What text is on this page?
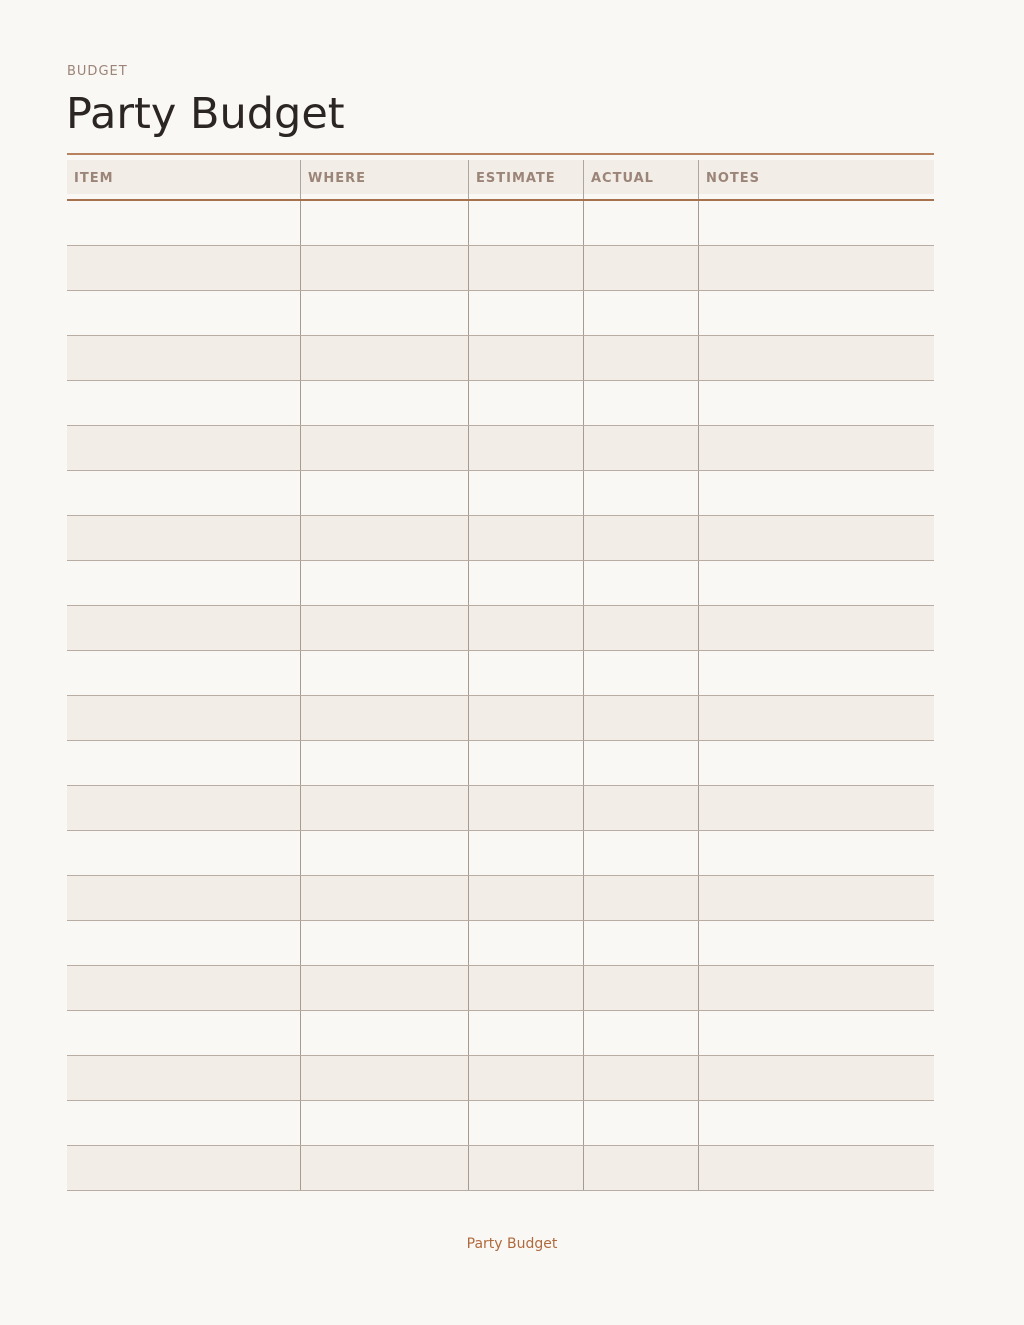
BUDGET
Party Budget
ITEM	WHERE	ESTIMATE	ACTUAL	NOTES
Party Budget
